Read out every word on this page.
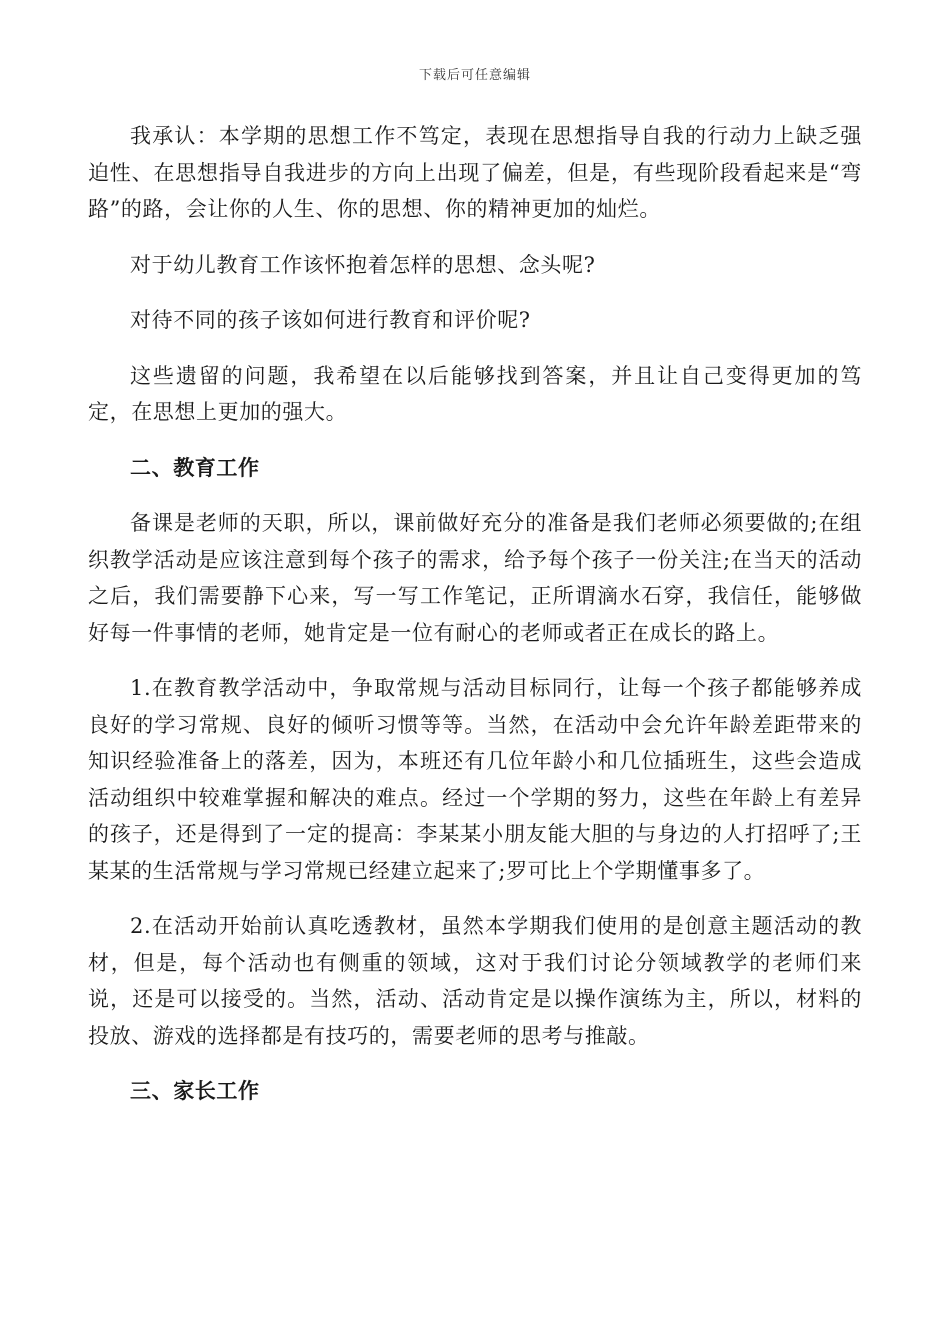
下载后可任意编辑

我承认：本学期的思想工作不笃定，表现在思想指导自我的行动力上缺乏强迫性、在思想指导自我进步的方向上出现了偏差，但是，有些现阶段看起来是“弯路”的路，会让你的人生、你的思想、你的精神更加的灿烂。

对于幼儿教育工作该怀抱着怎样的思想、念头呢?

对待不同的孩子该如何进行教育和评价呢?

这些遗留的问题，我希望在以后能够找到答案，并且让自己变得更加的笃定，在思想上更加的强大。

二、教育工作

备课是老师的天职，所以，课前做好充分的准备是我们老师必须要做的;在组织教学活动是应该注意到每个孩子的需求，给予每个孩子一份关注;在当天的活动之后，我们需要静下心来，写一写工作笔记，正所谓滴水石穿，我信任，能够做好每一件事情的老师，她肯定是一位有耐心的老师或者正在成长的路上。

1.在教育教学活动中，争取常规与活动目标同行，让每一个孩子都能够养成良好的学习常规、良好的倾听习惯等等。当然，在活动中会允许年龄差距带来的知识经验准备上的落差，因为，本班还有几位年龄小和几位插班生，这些会造成活动组织中较难掌握和解决的难点。经过一个学期的努力，这些在年龄上有差异的孩子，还是得到了一定的提高：李某某小朋友能大胆的与身边的人打招呼了;王某某的生活常规与学习常规已经建立起来了;罗可比上个学期懂事多了。

2.在活动开始前认真吃透教材，虽然本学期我们使用的是创意主题活动的教材，但是，每个活动也有侧重的领域，这对于我们讨论分领域教学的老师们来说，还是可以接受的。当然，活动、活动肯定是以操作演练为主，所以，材料的投放、游戏的选择都是有技巧的，需要老师的思考与推敲。

三、家长工作
